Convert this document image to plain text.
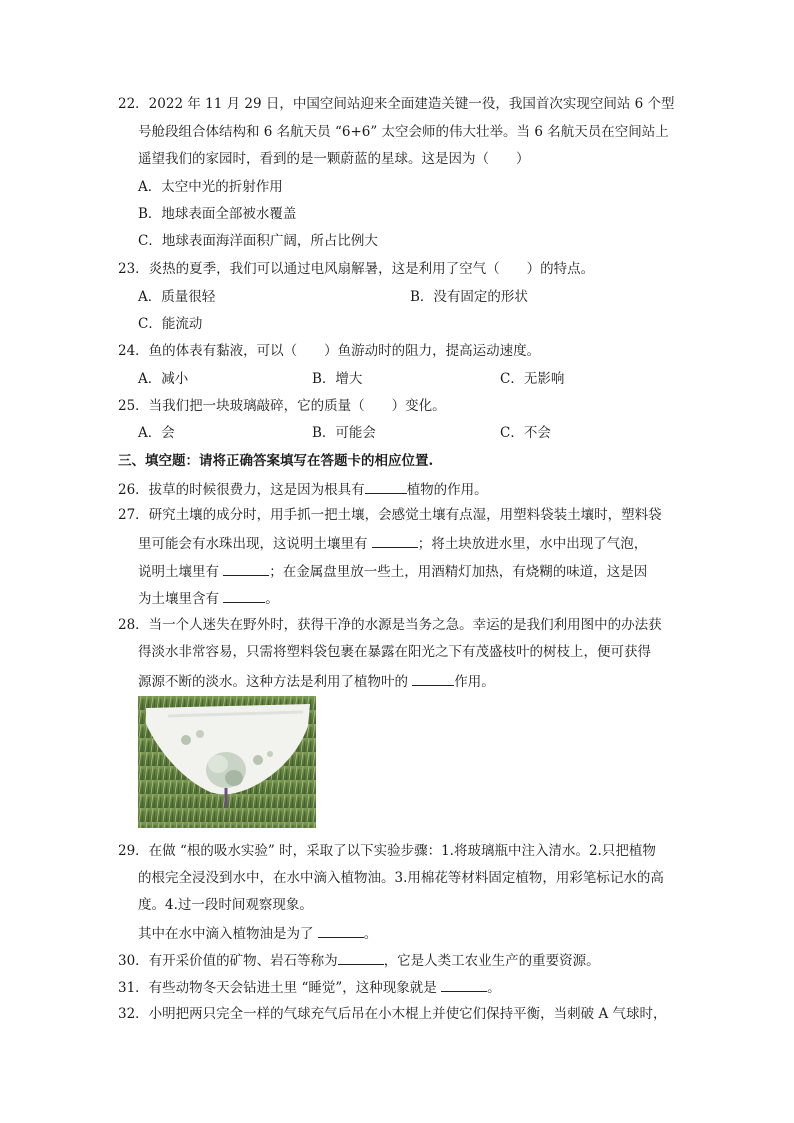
22．2022 年 11 月 29 日，中国空间站迎来全面建造关键一役，我国首次实现空间站 6 个型
号舱段组合体结构和 6 名航天员 “6+6” 太空会师的伟大壮举。当 6 名航天员在空间站上
遥望我们的家园时，看到的是一颗蔚蓝的星球。这是因为（　　）
A．太空中光的折射作用
B．地球表面全部被水覆盖
C．地球表面海洋面积广阔，所占比例大
23．炎热的夏季，我们可以通过电风扇解暑，这是利用了空气（　　）的特点。
A．质量很轻	B．没有固定的形状
C．能流动
24．鱼的体表有黏液，可以（　　）鱼游动时的阻力，提高运动速度。
A．减小	B．增大	C．无影响
25．当我们把一块玻璃敲碎，它的质量（　　）变化。
A．会	B．可能会	C．不会
三、填空题：请将正确答案填写在答题卡的相应位置.
26．拔草的时候很费力，这是因为根具有	植物的作用。
27．研究土壤的成分时，用手抓一把土壤，会感觉土壤有点湿，用塑料袋装土壤时，塑料袋
里可能会有水珠出现，这说明土壤里有	；将土块放进水里，水中出现了气泡，
说明土壤里有	；在金属盘里放一些土，用酒精灯加热，有烧糊的味道，这是因
为土壤里含有	。
28．当一个人迷失在野外时，获得干净的水源是当务之急。幸运的是我们利用图中的办法获
得淡水非常容易，只需将塑料袋包裹在暴露在阳光之下有茂盛枝叶的树枝上，便可获得
源源不断的淡水。这种方法是利用了植物叶的	作用。
29．在做 “根的吸水实验” 时，采取了以下实验步骤：1.将玻璃瓶中注入清水。2.只把植物
的根完全浸没到水中，在水中滴入植物油。3.用棉花等材料固定植物，用彩笔标记水的高
度。4.过一段时间观察现象。
其中在水中滴入植物油是为了	。
30．有开采价值的矿物、岩石等称为	，它是人类工农业生产的重要资源。
31．有些动物冬天会钻进土里 “睡觉”，这种现象就是	。
32．小明把两只完全一样的气球充气后吊在小木棍上并使它们保持平衡，当刺破 A 气球时，
